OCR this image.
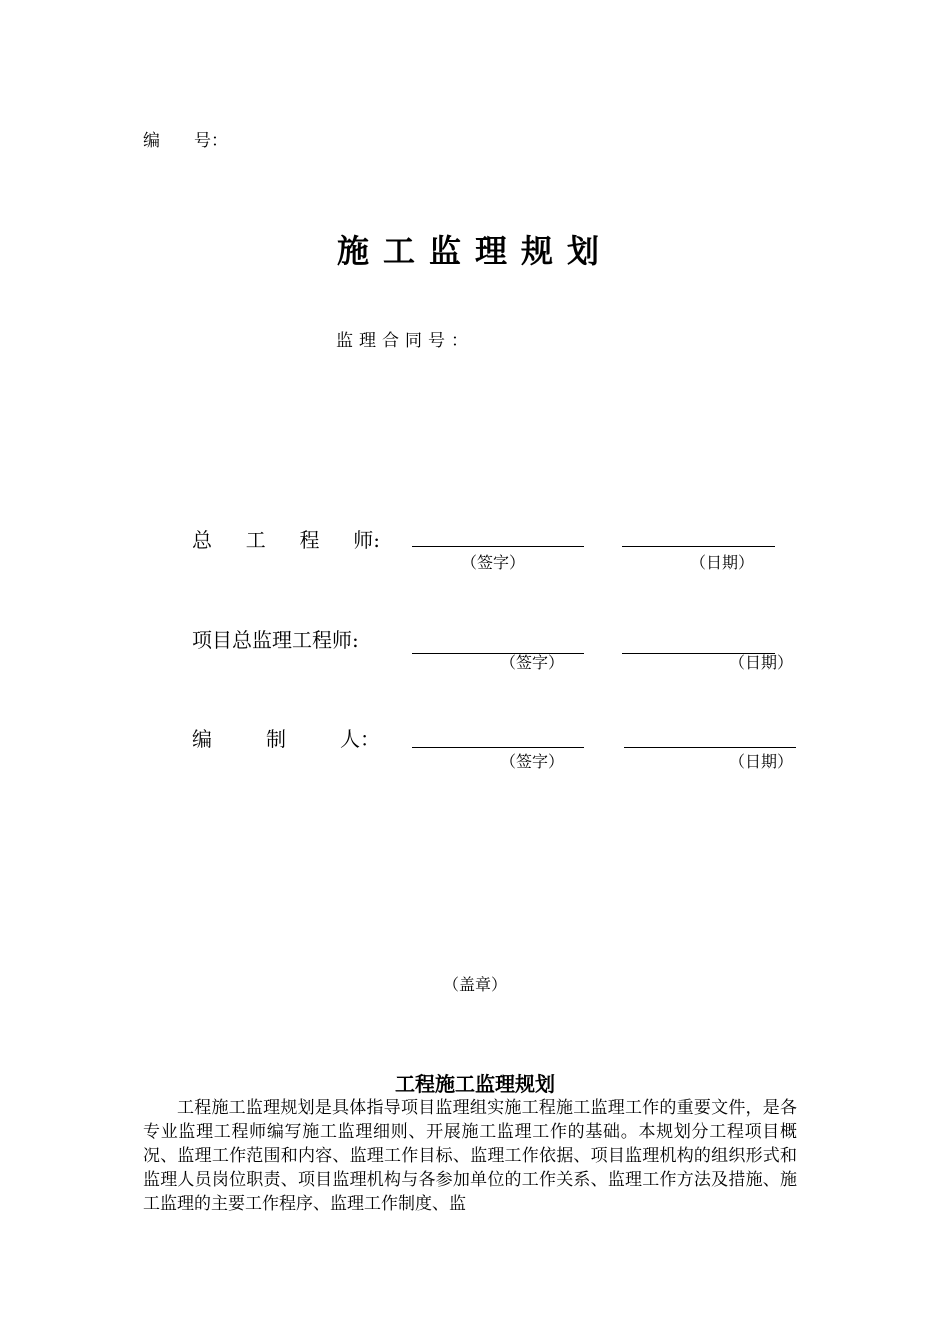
编 号：
施工监理规划
监理合同号：
总 工 程 师:
（签字）	（日期）
项目总监理工程师:
（签字）	（日期）
编	制	人：
（签字）	（日期）
（盖章）
工程施工监理规划
工程施工监理规划是具体指导项目监理组实施工程施工监理工作的重要文件，是各专业监理工程师编写施工监理细则、开展施工监理工作的基础。本规划分工程项目概况、监理工作范围和内容、监理工作目标、监理工作依据、项目监理机构的组织形式和监理人员岗位职责、项目监理机构与各参加单位的工作关系、监理工作方法及措施、施工监理的主要工作程序、监理工作制度、监
